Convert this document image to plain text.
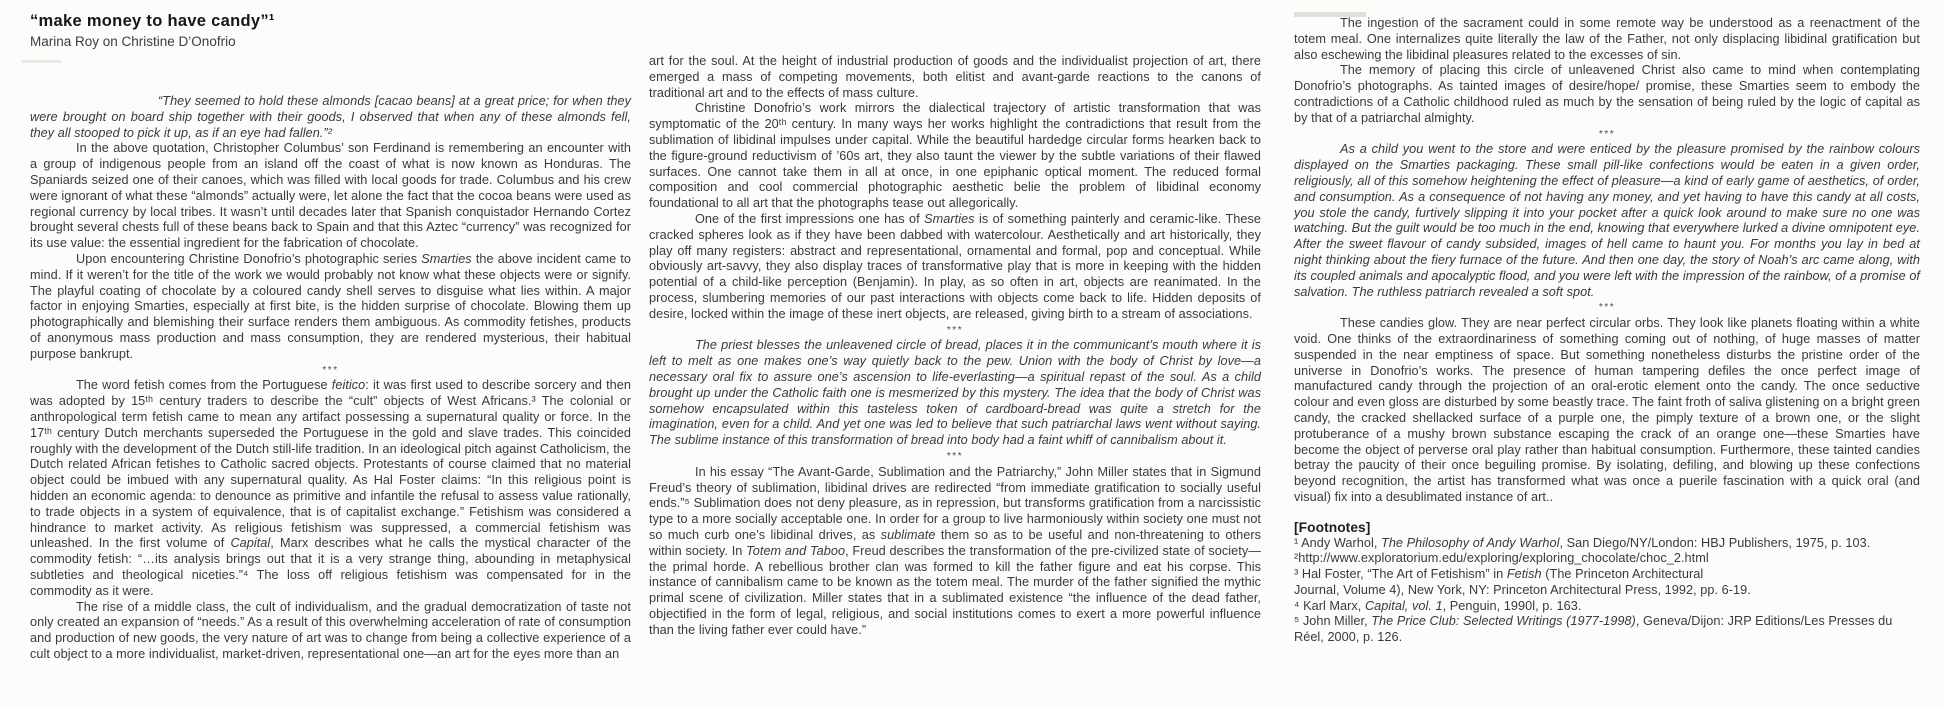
“make money to have candy”¹

Marina Roy on Christine D’Onofrio

“They seemed to hold these almonds [cacao beans] at a great price; for when they were brought on board ship together with their goods, I observed that when any of these almonds fell, they all stooped to pick it up, as if an eye had fallen.”²

In the above quotation, Christopher Columbus’ son Ferdinand is remembering an encounter with a group of indigenous people from an island off the coast of what is now known as Honduras. The Spaniards seized one of their canoes, which was filled with local goods for trade. Columbus and his crew were ignorant of what these “almonds” actually were, let alone the fact that the cocoa beans were used as regional currency by local tribes. It wasn’t until decades later that Spanish conquistador Hernando Cortez brought several chests full of these beans back to Spain and that this Aztec “currency” was recognized for its use value: the essential ingredient for the fabrication of chocolate.

Upon encountering Christine Donofrio’s photographic series Smarties the above incident came to mind. If it weren’t for the title of the work we would probably not know what these objects were or signify. The playful coating of chocolate by a coloured candy shell serves to disguise what lies within. A major factor in enjoying Smarties, especially at first bite, is the hidden surprise of chocolate. Blowing them up photographically and blemishing their surface renders them ambiguous. As commodity fetishes, products of anonymous mass production and mass consumption, they are rendered mysterious, their habitual purpose bankrupt.

***

The word fetish comes from the Portuguese feitico: it was first used to describe sorcery and then was adopted by 15ᵗʰ century traders to describe the “cult” objects of West Africans.³ The colonial or anthropological term fetish came to mean any artifact possessing a supernatural quality or force. In the 17ᵗʰ century Dutch merchants superseded the Portuguese in the gold and slave trades. This coincided roughly with the development of the Dutch still-life tradition. In an ideological pitch against Catholicism, the Dutch related African fetishes to Catholic sacred objects. Protestants of course claimed that no material object could be imbued with any supernatural quality. As Hal Foster claims: “In this religious point is hidden an economic agenda: to denounce as primitive and infantile the refusal to assess value rationally, to trade objects in a system of equivalence, that is of capitalist exchange.” Fetishism was considered a hindrance to market activity. As religious fetishism was suppressed, a commercial fetishism was unleashed. In the first volume of Capital, Marx describes what he calls the mystical character of the commodity fetish: “…its analysis brings out that it is a very strange thing, abounding in metaphysical subtleties and theological niceties.”⁴ The loss off religious fetishism was compensated for in the commodity as it were.

The rise of a middle class, the cult of individualism, and the gradual democratization of taste not only created an expansion of “needs.” As a result of this overwhelming acceleration of rate of consumption and production of new goods, the very nature of art was to change from being a collective experience of a cult object to a more individualist, market-driven, representational one—an art for the eyes more than an

art for the soul. At the height of industrial production of goods and the individualist projection of art, there emerged a mass of competing movements, both elitist and avant-garde reactions to the canons of traditional art and to the effects of mass culture.

Christine Donofrio’s work mirrors the dialectical trajectory of artistic transformation that was symptomatic of the 20ᵗʰ century. In many ways her works highlight the contradictions that result from the sublimation of libidinal impulses under capital. While the beautiful hardedge circular forms hearken back to the figure-ground reductivism of ’60s art, they also taunt the viewer by the subtle variations of their flawed surfaces. One cannot take them in all at once, in one epiphanic optical moment. The reduced formal composition and cool commercial photographic aesthetic belie the problem of libidinal economy foundational to all art that the photographs tease out allegorically.

One of the first impressions one has of Smarties is of something painterly and ceramic-like. These cracked spheres look as if they have been dabbed with watercolour. Aesthetically and art historically, they play off many registers: abstract and representational, ornamental and formal, pop and conceptual. While obviously art-savvy, they also display traces of transformative play that is more in keeping with the hidden potential of a child-like perception (Benjamin). In play, as so often in art, objects are reanimated. In the process, slumbering memories of our past interactions with objects come back to life. Hidden deposits of desire, locked within the image of these inert objects, are released, giving birth to a stream of associations.

***

The priest blesses the unleavened circle of bread, places it in the communicant’s mouth where it is left to melt as one makes one’s way quietly back to the pew. Union with the body of Christ by love—a necessary oral fix to assure one’s ascension to life-everlasting—a spiritual repast of the soul. As a child brought up under the Catholic faith one is mesmerized by this mystery. The idea that the body of Christ was somehow encapsulated within this tasteless token of cardboard-bread was quite a stretch for the imagination, even for a child. And yet one was led to believe that such patriarchal laws went without saying. The sublime instance of this transformation of bread into body had a faint whiff of cannibalism about it.

***

In his essay “The Avant-Garde, Sublimation and the Patriarchy,” John Miller states that in Sigmund Freud’s theory of sublimation, libidinal drives are redirected “from immediate gratification to socially useful ends.”⁵ Sublimation does not deny pleasure, as in repression, but transforms gratification from a narcissistic type to a more socially acceptable one. In order for a group to live harmoniously within society one must not so much curb one’s libidinal drives, as sublimate them so as to be useful and non-threatening to others within society. In Totem and Taboo, Freud describes the transformation of the pre-civilized state of society—the primal horde. A rebellious brother clan was formed to kill the father figure and eat his corpse. This instance of cannibalism came to be known as the totem meal. The murder of the father signified the mythic primal scene of civilization. Miller states that in a sublimated existence “the influence of the dead father, objectified in the form of legal, religious, and social institutions comes to exert a more powerful influence than the living father ever could have.”

The ingestion of the sacrament could in some remote way be understood as a reenactment of the totem meal. One internalizes quite literally the law of the Father, not only displacing libidinal gratification but also eschewing the libidinal pleasures related to the excesses of sin.

The memory of placing this circle of unleavened Christ also came to mind when contemplating Donofrio’s photographs. As tainted images of desire/hope/ promise, these Smarties seem to embody the contradictions of a Catholic childhood ruled as much by the sensation of being ruled by the logic of capital as by that of a patriarchal almighty.

***

As a child you went to the store and were enticed by the pleasure promised by the rainbow colours displayed on the Smarties packaging. These small pill-like confections would be eaten in a given order, religiously, all of this somehow heightening the effect of pleasure—a kind of early game of aesthetics, of order, and consumption. As a consequence of not having any money, and yet having to have this candy at all costs, you stole the candy, furtively slipping it into your pocket after a quick look around to make sure no one was watching. But the guilt would be too much in the end, knowing that everywhere lurked a divine omnipotent eye. After the sweet flavour of candy subsided, images of hell came to haunt you. For months you lay in bed at night thinking about the fiery furnace of the future. And then one day, the story of Noah’s arc came along, with its coupled animals and apocalyptic flood, and you were left with the impression of the rainbow, of a promise of salvation. The ruthless patriarch revealed a soft spot.

***

These candies glow. They are near perfect circular orbs. They look like planets floating within a white void. One thinks of the extraordinariness of something coming out of nothing, of huge masses of matter suspended in the near emptiness of space. But something nonetheless disturbs the pristine order of the universe in Donofrio’s works. The presence of human tampering defiles the once perfect image of manufactured candy through the projection of an oral-erotic element onto the candy. The once seductive colour and even gloss are disturbed by some beastly trace. The faint froth of saliva glistening on a bright green candy, the cracked shellacked surface of a purple one, the pimply texture of a brown one, or the slight protuberance of a mushy brown substance escaping the crack of an orange one—these Smarties have become the object of perverse oral play rather than habitual consumption. Furthermore, these tainted candies betray the paucity of their once beguiling promise. By isolating, defiling, and blowing up these confections beyond recognition, the artist has transformed what was once a puerile fascination with a quick oral (and visual) fix into a desublimated instance of art..

[Footnotes]

¹ Andy Warhol, The Philosophy of Andy Warhol, San Diego/NY/London: HBJ Publishers, 1975, p. 103.

²http://www.exploratorium.edu/exploring/exploring_chocolate/choc_2.html

³ Hal Foster, “The Art of Fetishism” in Fetish (The Princeton Architectural
Journal, Volume 4), New York, NY: Princeton Architectural Press, 1992, pp. 6-19.

⁴ Karl Marx, Capital, vol. 1, Penguin, 1990l, p. 163.

⁵ John Miller, The Price Club: Selected Writings (1977-1998), Geneva/Dijon: JRP Editions/Les Presses du Réel, 2000, p. 126.
